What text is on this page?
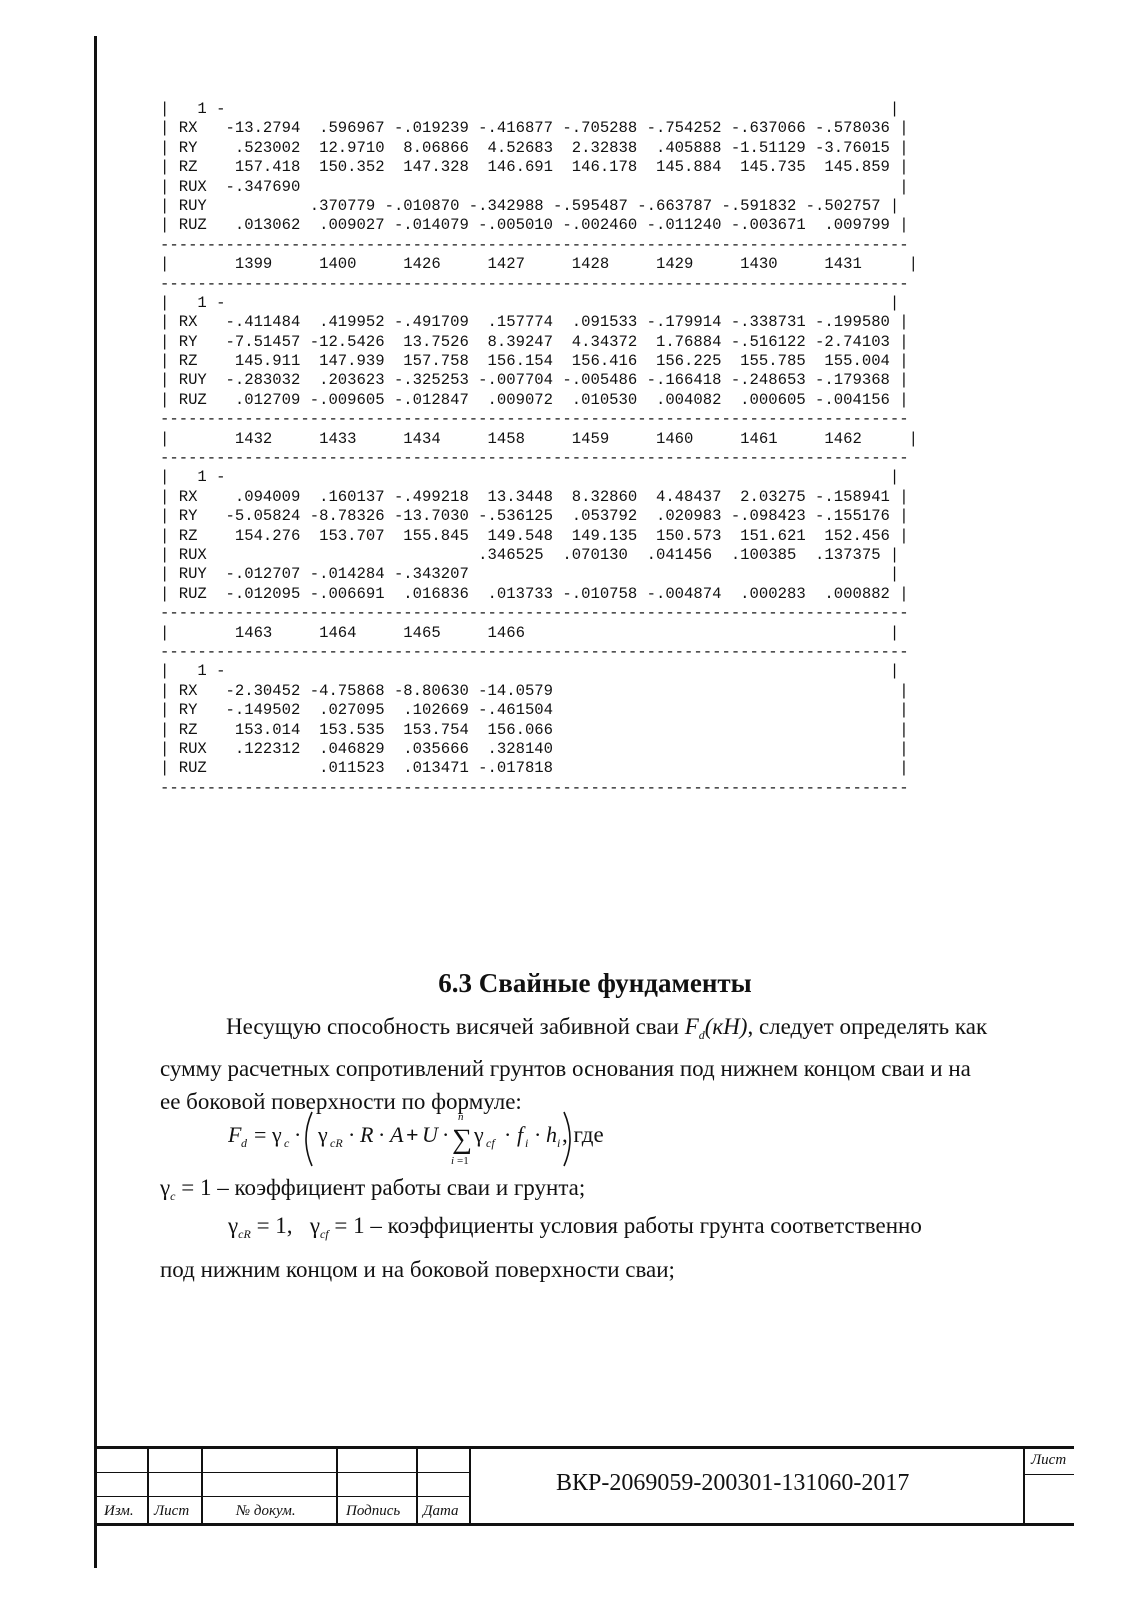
|   1 -                                                                       |
| RX   -13.2794  .596967 -.019239 -.416877 -.705288 -.754252 -.637066 -.578036 |
| RY    .523002  12.9710  8.06866  4.52683  2.32838  .405888 -1.51129 -3.76015 |
| RZ    157.418  150.352  147.328  146.691  146.178  145.884  145.735  145.859 |
| RUX  -.347690                                                                |
| RUY           .370779 -.010870 -.342988 -.595487 -.663787 -.591832 -.502757 |
| RUZ   .013062  .009027 -.014079 -.005010 -.002460 -.011240 -.003671  .009799 |
--------------------------------------------------------------------------------
|       1399     1400     1426     1427     1428     1429     1430     1431     |
--------------------------------------------------------------------------------
|   1 -                                                                       |
| RX   -.411484  .419952 -.491709  .157774  .091533 -.179914 -.338731 -.199580 |
| RY   -7.51457 -12.5426  13.7526  8.39247  4.34372  1.76884 -.516122 -2.74103 |
| RZ    145.911  147.939  157.758  156.154  156.416  156.225  155.785  155.004 |
| RUY  -.283032  .203623 -.325253 -.007704 -.005486 -.166418 -.248653 -.179368 |
| RUZ   .012709 -.009605 -.012847  .009072  .010530  .004082  .000605 -.004156 |
--------------------------------------------------------------------------------
|       1432     1433     1434     1458     1459     1460     1461     1462     |
--------------------------------------------------------------------------------
|   1 -                                                                       |
| RX    .094009  .160137 -.499218  13.3448  8.32860  4.48437  2.03275 -.158941 |
| RY   -5.05824 -8.78326 -13.7030 -.536125  .053792  .020983 -.098423 -.155176 |
| RZ    154.276  153.707  155.845  149.548  149.135  150.573  151.621  152.456 |
| RUX                             .346525  .070130  .041456  .100385  .137375 |
| RUY  -.012707 -.014284 -.343207                                             |
| RUZ  -.012095 -.006691  .016836  .013733 -.010758 -.004874  .000283  .000882 |
--------------------------------------------------------------------------------
|       1463     1464     1465     1466                                       |
--------------------------------------------------------------------------------
|   1 -                                                                       |
| RX   -2.30452 -4.75868 -8.80630 -14.0579                                     |
| RY   -.149502  .027095  .102669 -.461504                                     |
| RZ    153.014  153.535  153.754  156.066                                     |
| RUX   .122312  .046829  .035666  .328140                                     |
| RUZ            .011523  .013471 -.017818                                     |
--------------------------------------------------------------------------------
6.3 Свайные фундаменты
Несущую способность висячей забивной сваи $F_d(кН)$, следует определять как сумму расчетных сопротивлений грунтов основания под нижнем концом сваи и на ее боковой поверхности по формуле:
F d = γ c · γ cR · R · A + U ·
n
∑
i =1
γ cf · f i · h i , где
$\gamma_c = 1$ – коэффициент работы сваи и грунта;
$\gamma_{cR} = 1$, $\gamma_{cf} = 1$ – коэффициенты условия работы грунта соответственно
под нижним концом и на боковой поверхности сваи;
Изм. Лист	№ докум.	Подпись Дата
ВКР-2069059-200301-131060-2017
Лист
